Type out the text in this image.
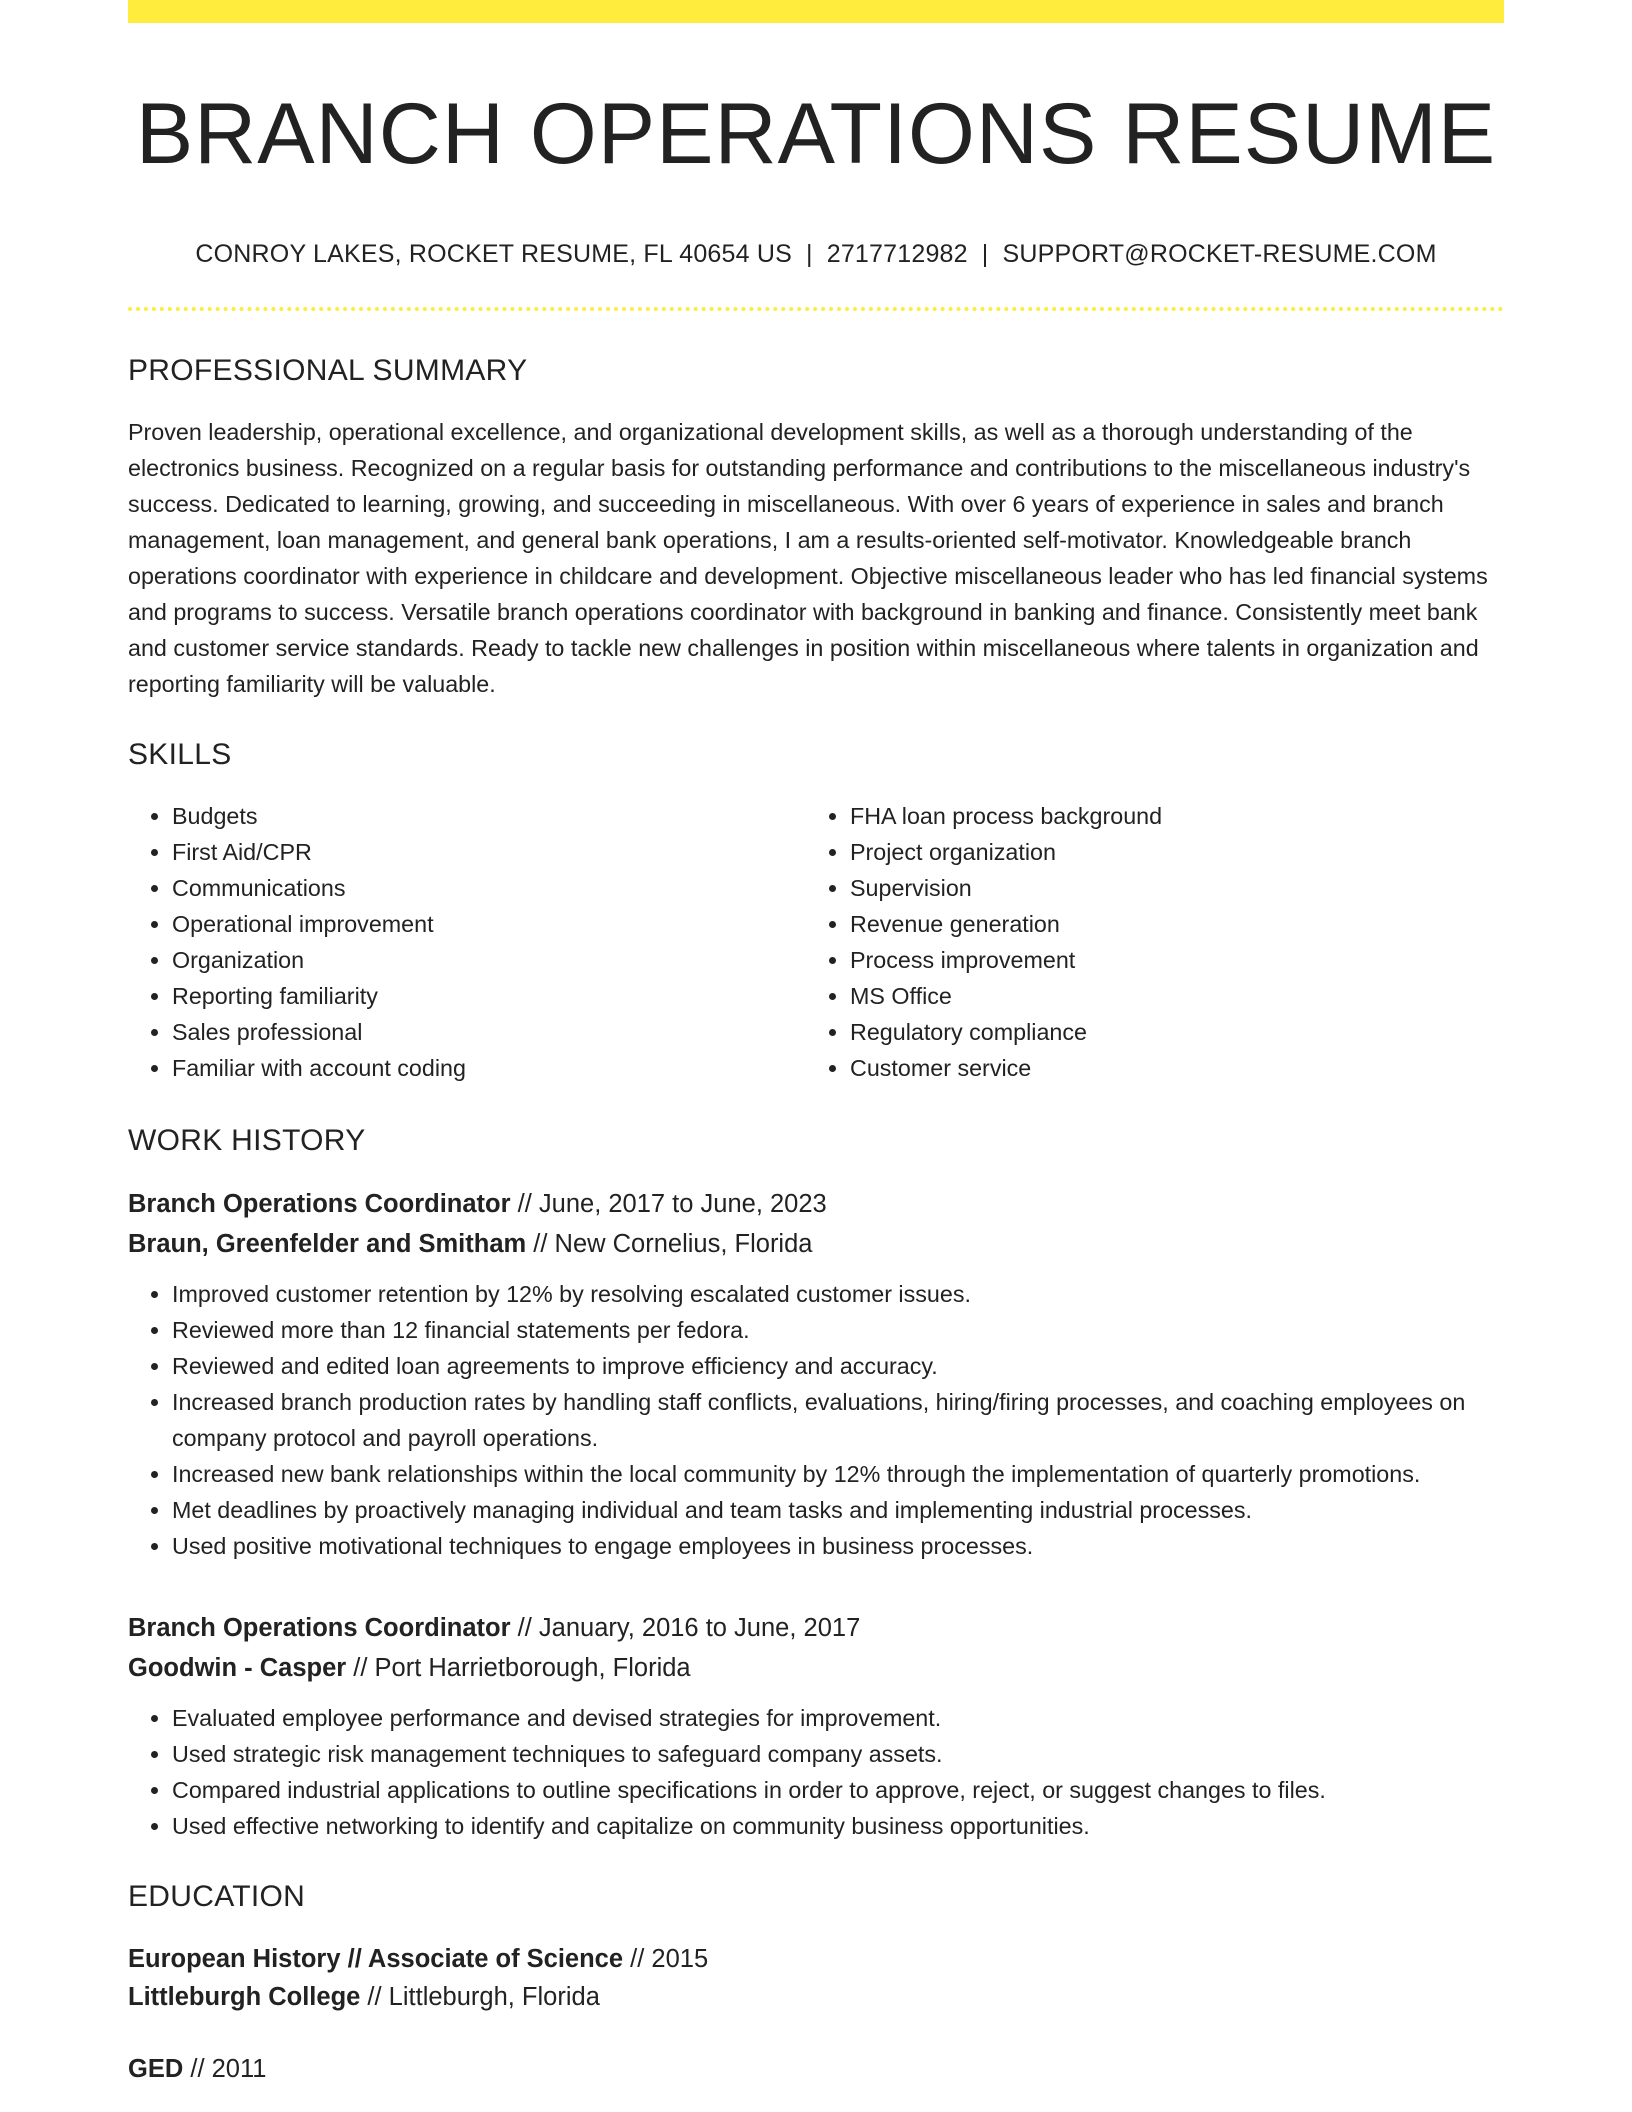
BRANCH OPERATIONS RESUME
CONROY LAKES, ROCKET RESUME, FL 40654 US | 2717712982 | SUPPORT@ROCKET-RESUME.COM
PROFESSIONAL SUMMARY

Proven leadership, operational excellence, and organizational development skills, as well as a thorough understanding of the electronics business. Recognized on a regular basis for outstanding performance and contributions to the miscellaneous industry's success. Dedicated to learning, growing, and succeeding in miscellaneous. With over 6 years of experience in sales and branch management, loan management, and general bank operations, I am a results-oriented self-motivator. Knowledgeable branch operations coordinator with experience in childcare and development. Objective miscellaneous leader who has led financial systems and programs to success. Versatile branch operations coordinator with background in banking and finance. Consistently meet bank and customer service standards. Ready to tackle new challenges in position within miscellaneous where talents in organization and reporting familiarity will be valuable.

SKILLS
• Budgets
• First Aid/CPR
• Communications
• Operational improvement
• Organization
• Reporting familiarity
• Sales professional
• Familiar with account coding
• FHA loan process background
• Project organization
• Supervision
• Revenue generation
• Process improvement
• MS Office
• Regulatory compliance
• Customer service
WORK HISTORY
Branch Operations Coordinator // June, 2017 to June, 2023
Braun, Greenfelder and Smitham // New Cornelius, Florida
• Improved customer retention by 12% by resolving escalated customer issues.
• Reviewed more than 12 financial statements per fedora.
• Reviewed and edited loan agreements to improve efficiency and accuracy.
• Increased branch production rates by handling staff conflicts, evaluations, hiring/firing processes, and coaching employees on company protocol and payroll operations.
• Increased new bank relationships within the local community by 12% through the implementation of quarterly promotions.
• Met deadlines by proactively managing individual and team tasks and implementing industrial processes.
• Used positive motivational techniques to engage employees in business processes.
Branch Operations Coordinator // January, 2016 to June, 2017
Goodwin - Casper // Port Harrietborough, Florida
• Evaluated employee performance and devised strategies for improvement.
• Used strategic risk management techniques to safeguard company assets.
• Compared industrial applications to outline specifications in order to approve, reject, or suggest changes to files.
• Used effective networking to identify and capitalize on community business opportunities.
EDUCATION
European History // Associate of Science // 2015
Littleburgh College // Littleburgh, Florida
GED // 2011
